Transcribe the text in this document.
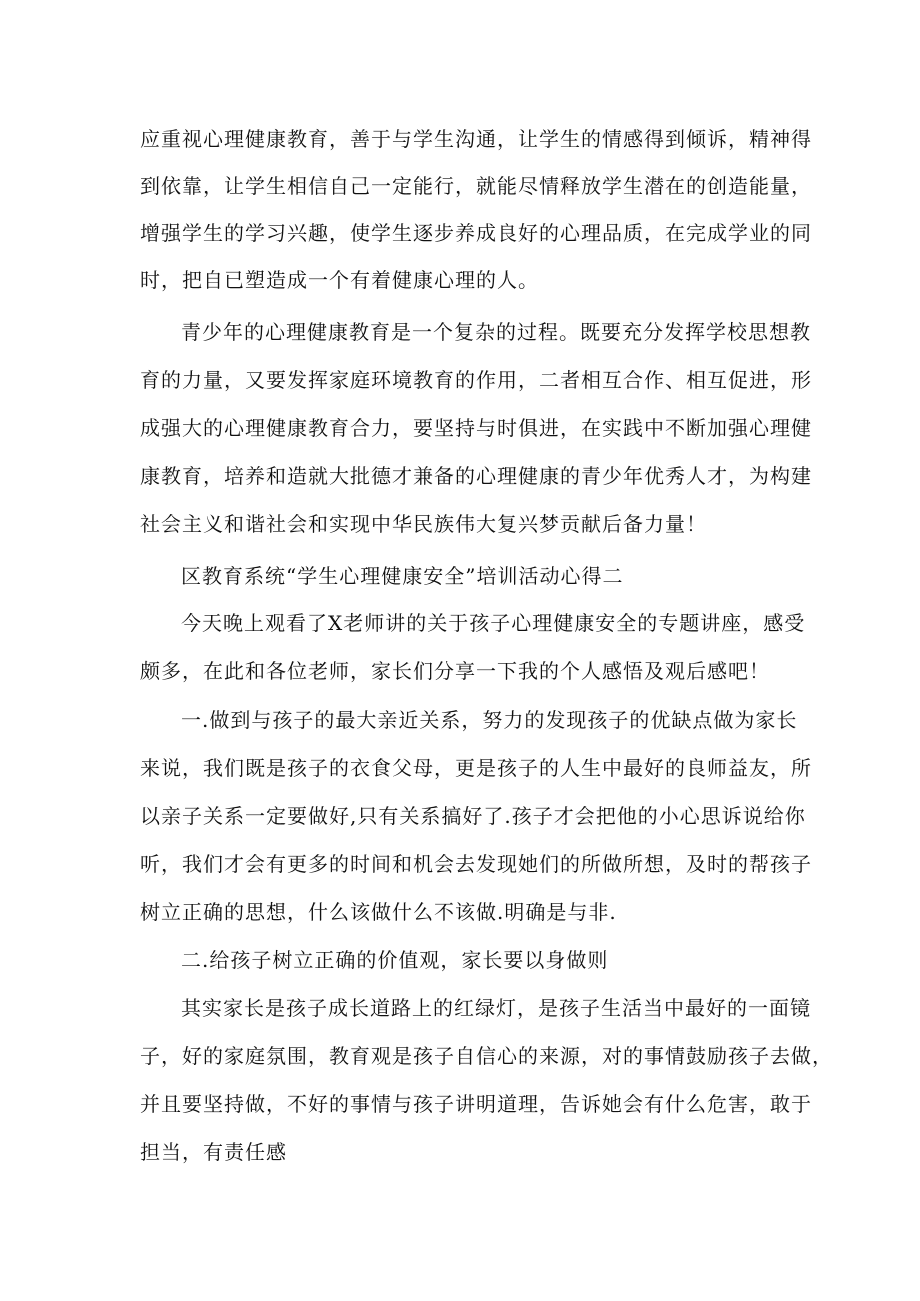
应重视心理健康教育，善于与学生沟通，让学生的情感得到倾诉，精神得
到依靠，让学生相信自己一定能行，就能尽情释放学生潜在的创造能量，
增强学生的学习兴趣，使学生逐步养成良好的心理品质，在完成学业的同
时，把自已塑造成一个有着健康心理的人。
青少年的心理健康教育是一个复杂的过程。既要充分发挥学校思想教
育的力量，又要发挥家庭环境教育的作用，二者相互合作、相互促进，形
成强大的心理健康教育合力，要坚持与时俱进，在实践中不断加强心理健
康教育，培养和造就大批德才兼备的心理健康的青少年优秀人才，为构建
社会主义和谐社会和实现中华民族伟大复兴梦贡献后备力量！
区教育系统“学生心理健康安全”培训活动心得二
今天晚上观看了X老师讲的关于孩子心理健康安全的专题讲座，感受
颇多，在此和各位老师，家长们分享一下我的个人感悟及观后感吧！
一.做到与孩子的最大亲近关系，努力的发现孩子的优缺点做为家长
来说，我们既是孩子的衣食父母，更是孩子的人生中最好的良师益友，所
以亲子关系一定要做好,只有关系搞好了.孩子才会把他的小心思诉说给你
听，我们才会有更多的时间和机会去发现她们的所做所想，及时的帮孩子
树立正确的思想，什么该做什么不该做.明确是与非.
二.给孩子树立正确的价值观，家长要以身做则
其实家长是孩子成长道路上的红绿灯，是孩子生活当中最好的一面镜
子，好的家庭氛围，教育观是孩子自信心的来源，对的事情鼓励孩子去做，
并且要坚持做，不好的事情与孩子讲明道理，告诉她会有什么危害，敢于
担当，有责任感
